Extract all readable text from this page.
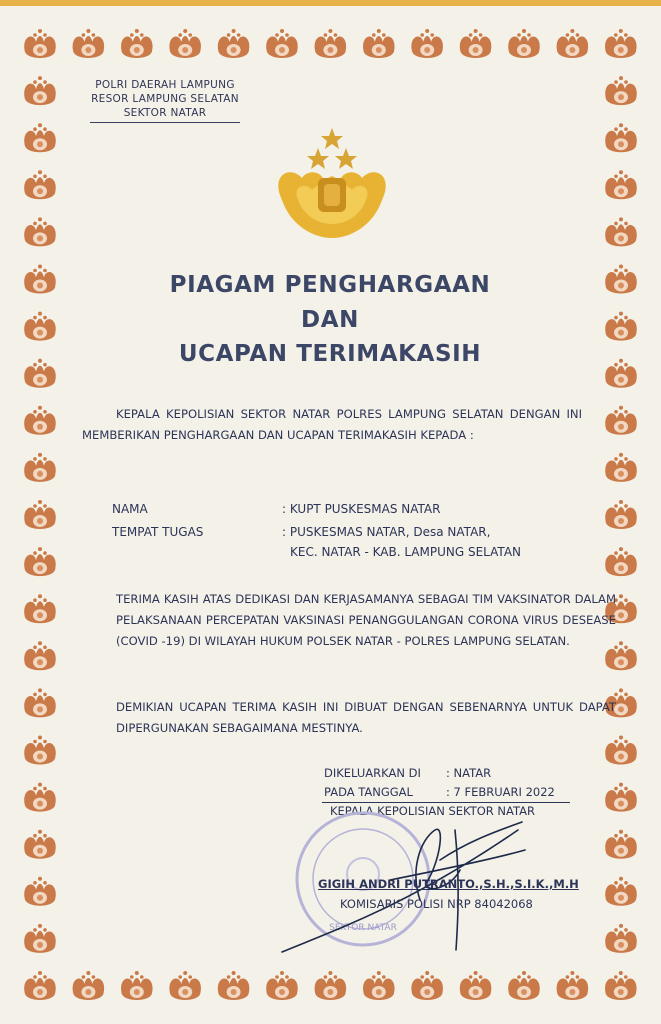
POLRI DAERAH LAMPUNG
RESOR LAMPUNG SELATAN
SEKTOR NATAR
PIAGAM PENGHARGAAN
DAN
UCAPAN TERIMAKASIH
KEPALA KEPOLISIAN SEKTOR NATAR POLRES LAMPUNG SELATAN DENGAN INI MEMBERIKAN PENGHARGAAN DAN UCAPAN TERIMAKASIH KEPADA :
NAMA	: KUPT PUSKESMAS NATAR
TEMPAT TUGAS	: PUSKESMAS NATAR, Desa NATAR,
KEC. NATAR - KAB. LAMPUNG SELATAN
TERIMA KASIH ATAS DEDIKASI DAN KERJASAMANYA SEBAGAI TIM VAKSINATOR DALAM PELAKSANAAN PERCEPATAN VAKSINASI PENANGGULANGAN CORONA VIRUS DESEASE (COVID -19) DI WILAYAH HUKUM POLSEK NATAR - POLRES LAMPUNG SELATAN.
DEMIKIAN UCAPAN TERIMA KASIH INI DIBUAT DENGAN SEBENARNYA UNTUK DAPAT DIPERGUNAKAN SEBAGAIMANA MESTINYA.
DIKELUARKAN DI : NATAR
PADA TANGGAL	: 7 FEBRUARI 2022
KEPALA KEPOLISIAN SEKTOR NATAR
SEKTOR NATAR
GIGIH ANDRI PUTRANTO.,S.H.,S.I.K.,M.H
KOMISARIS POLISI NRP 84042068
